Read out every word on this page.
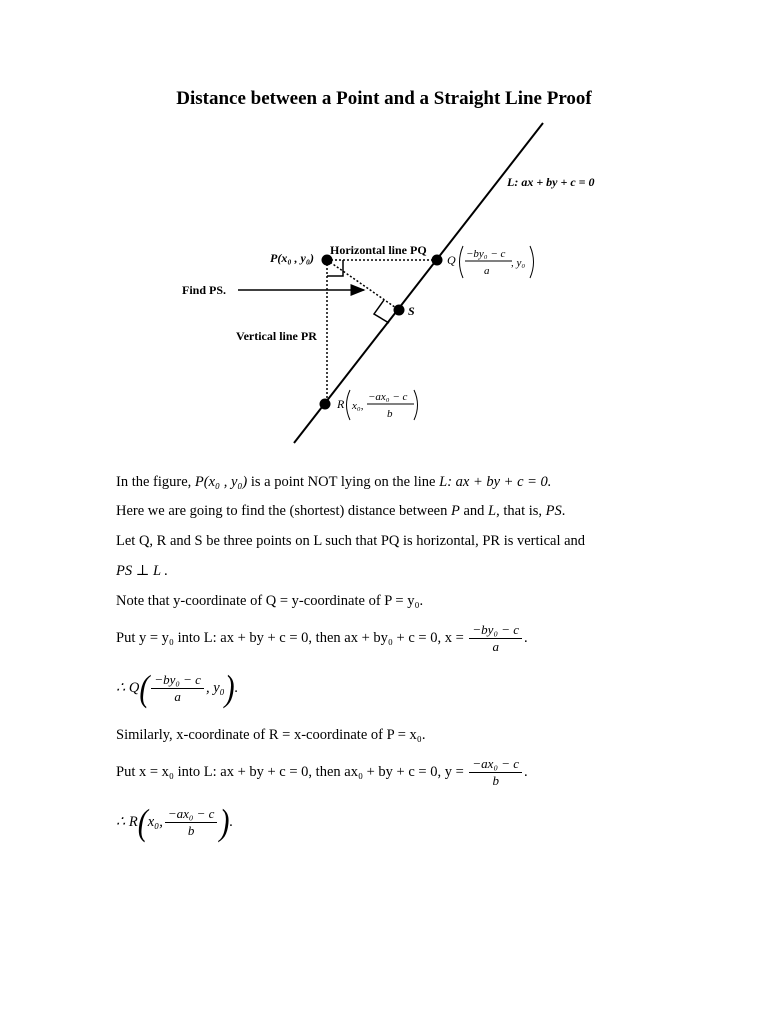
Distance between a Point and a Straight Line Proof
L: ax + by + c = 0
Horizontal line PQ
P(x₀ , y₀)
Find PS.
S
Vertical line PR
Q −by₀ − c
a
, y₀
R x₀,
−ax₀ − c
b
In the figure, P(x₀ , y₀) is a point NOT lying on the line L: ax + by + c = 0.
Here we are going to find the (shortest) distance between P and L, that is, PS.
Let Q, R and S be three points on L such that PQ is horizontal, PR is vertical and
PS ⊥ L .
Note that y-coordinate of Q = y-coordinate of P = y₀.
Put y = y₀ into L: ax + by + c = 0, then ax + by₀ + c = 0, $x = \frac{\text{−by₀ − c}}{a}$ .
∴ $Q( \frac{\text{−by₀ − c}}{a}$ , y₀).
Similarly, x-coordinate of R = x-coordinate of P = x₀.
Put x = x₀ into L: ax + by + c = 0, then ax₀ + by + c = 0, $y = \frac{\text{−ax₀ − c}}{b}$ .
∴ R(x₀, $\frac{\text{−ax₀ − c}}{b}$ ).
